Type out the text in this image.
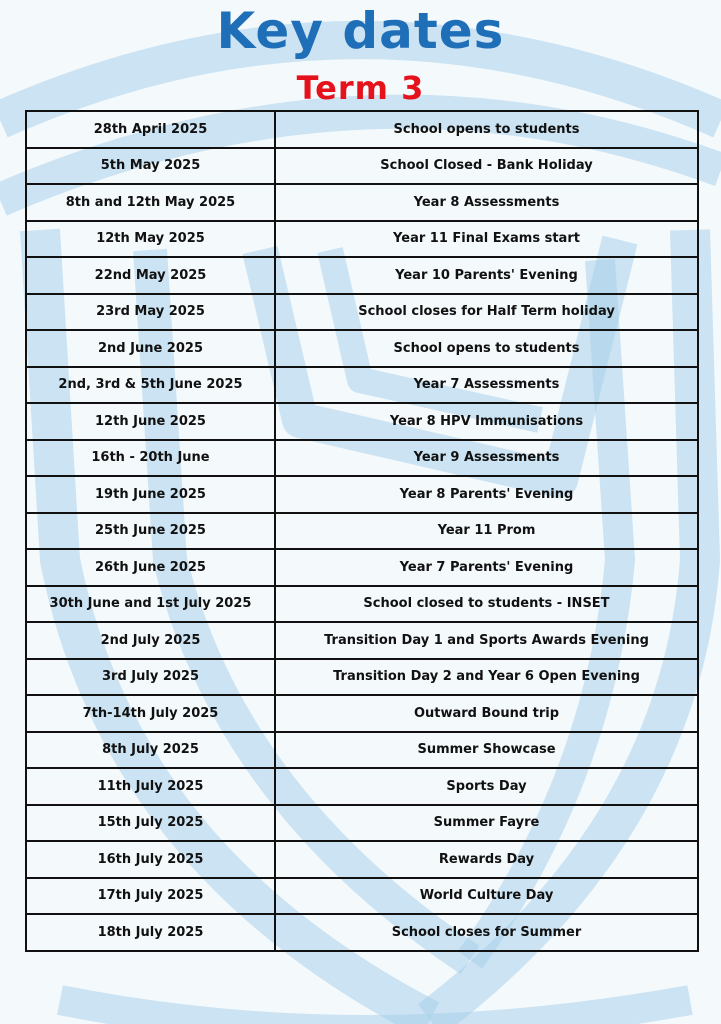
Key dates
Term 3
28th April 2025	School opens to students
5th May 2025	School Closed - Bank Holiday
8th and 12th May 2025	Year 8 Assessments
12th May 2025	Year 11 Final Exams start
22nd May 2025	Year 10 Parents' Evening
23rd May 2025	School closes for Half Term holiday
2nd June 2025	School opens to students
2nd, 3rd & 5th June 2025	Year 7 Assessments
12th June 2025	Year 8 HPV Immunisations
16th - 20th June	Year 9 Assessments
19th June 2025	Year 8 Parents' Evening
25th June 2025	Year 11 Prom
26th June 2025	Year 7 Parents' Evening
30th June and 1st July 2025	School closed to students - INSET
2nd July 2025	Transition Day 1 and Sports Awards Evening
3rd July 2025	Transition Day 2 and Year 6 Open Evening
7th-14th July 2025	Outward Bound trip
8th July 2025	Summer Showcase
11th July 2025	Sports Day
15th July 2025	Summer Fayre
16th July 2025	Rewards Day
17th July 2025	World Culture Day
18th July 2025	School closes for Summer
